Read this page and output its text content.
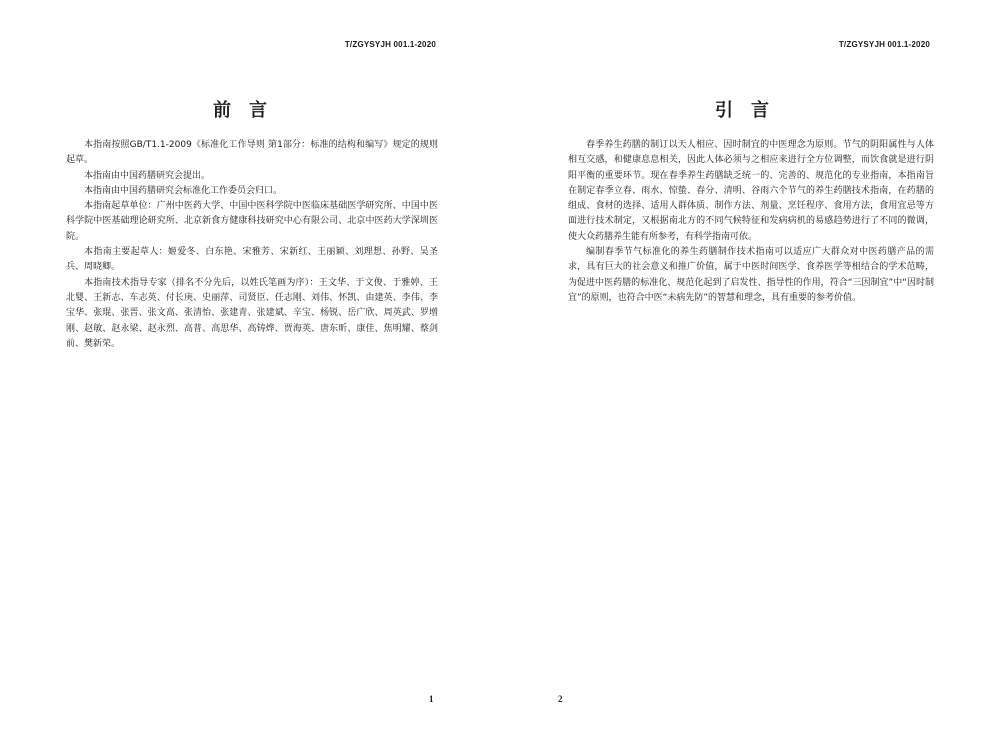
T/ZGYSYJH 001.1-2020
前言

本指南按照GB/T1.1-2009《标准化工作导则 第1部分：标准的结构和编写》规定的规则起草。

本指南由中国药膳研究会提出。

本指南由中国药膳研究会标准化工作委员会归口。

本指南起草单位：广州中医药大学、中国中医科学院中医临床基础医学研究所、中国中医科学院中医基础理论研究所、北京新食方健康科技研究中心有限公司、北京中医药大学深圳医院。

本指南主要起草人：姬爱冬、白东艳、宋雅芳、宋新红、王丽颖、刘理想、孙野、吴圣兵、周晓卿。

本指南技术指导专家（排名不分先后，以姓氏笔画为序）：王文华、于文俊、于雅婷、王北婴、王新志、车志英、付长庚、史丽萍、司贤臣、任志刚、刘伟、怀凯、由建英、李伟、李宝华、张琨、张晋、张文高、张清怡、张建青、张建斌、辛宝、杨锐、岳广欣、周英武、罗增刚、赵敏、赵永梁、赵永烈、高普、高思华、高铸烨、贾海英、唐东昕、康佳、焦明耀、蔡剑前、樊新荣。

1
T/ZGYSYJH 001.1-2020
引言

春季养生药膳的制订以天人相应、因时制宜的中医理念为原则。节气的阴阳属性与人体相互交感，和健康息息相关，因此人体必须与之相应来进行全方位调整，而饮食就是进行阴阳平衡的重要环节。现在春季养生药膳缺乏统一的、完善的、规范化的专业指南，本指南旨在制定春季立春、雨水、惊蛰、春分、清明、谷雨六个节气的养生药膳技术指南，在药膳的组成、食材的选择、适用人群体质、制作方法、剂量、烹饪程序、食用方法，食用宜忌等方面进行技术制定，又根据南北方的不同气候特征和发病病机的易感趋势进行了不同的微调，使大众药膳养生能有所参考，有科学指南可依。

编制春季节气标准化的养生药膳制作技术指南可以适应广大群众对中医药膳产品的需求，具有巨大的社会意义和推广价值，属于中医时间医学、食养医学等相结合的学术范畴，为促进中医药膳的标准化、规范化起到了启发性、指导性的作用，符合“三因制宜”中“因时制宜”的原则，也符合中医“未病先防”的智慧和理念，具有重要的参考价值。

2
